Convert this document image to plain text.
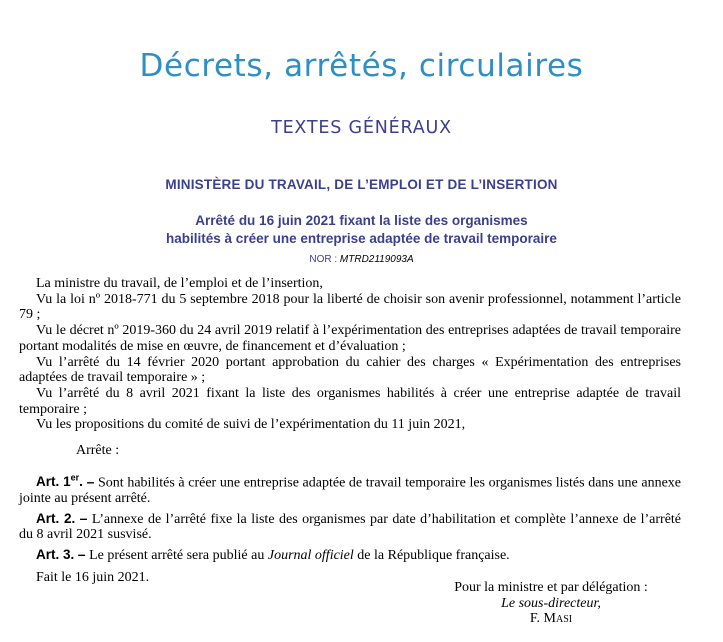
Décrets, arrêtés, circulaires
TEXTES GÉNÉRAUX
MINISTÈRE DU TRAVAIL, DE L’EMPLOI ET DE L’INSERTION
Arrêté du 16 juin 2021 fixant la liste des organismes
habilités à créer une entreprise adaptée de travail temporaire
NOR : MTRD2119093A

La ministre du travail, de l’emploi et de l’insertion,

Vu la loi nº 2018-771 du 5 septembre 2018 pour la liberté de choisir son avenir professionnel, notamment l’article 79 ;

Vu le décret nº 2019-360 du 24 avril 2019 relatif à l’expérimentation des entreprises adaptées de travail temporaire portant modalités de mise en œuvre, de financement et d’évaluation ;

Vu l’arrêté du 14 février 2020 portant approbation du cahier des charges « Expérimentation des entreprises adaptées de travail temporaire » ;

Vu l’arrêté du 8 avril 2021 fixant la liste des organismes habilités à créer une entreprise adaptée de travail temporaire ;

Vu les propositions du comité de suivi de l’expérimentation du 11 juin 2021,

Arrête :

Art. 1er. – Sont habilités à créer une entreprise adaptée de travail temporaire les organismes listés dans une annexe jointe au présent arrêté.

Art. 2. – L’annexe de l’arrêté fixe la liste des organismes par date d’habilitation et complète l’annexe de l’arrêté du 8 avril 2021 susvisé.

Art. 3. – Le présent arrêté sera publié au Journal officiel de la République française.

Fait le 16 juin 2021.

Pour la ministre et par délégation :
Le sous-directeur,
F. Masi
